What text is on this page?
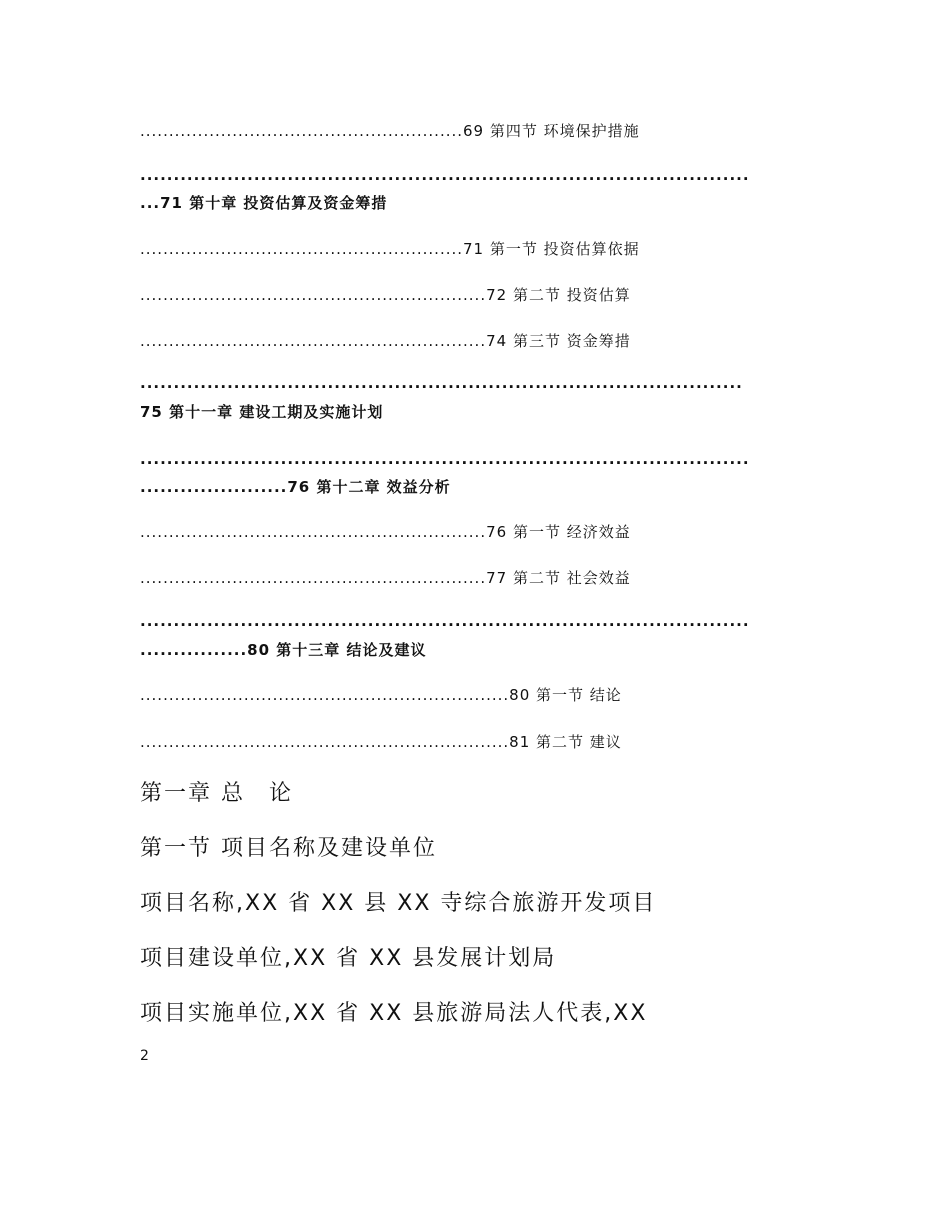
........................................................69 第四节 环境保护措施
...........................................................................................
...71 第十章 投资估算及资金筹措
........................................................71 第一节 投资估算依据
............................................................72 第二节 投资估算
............................................................74 第三节 资金筹措
..........................................................................................
75 第十一章 建设工期及实施计划
...........................................................................................
......................76 第十二章 效益分析
............................................................76 第一节 经济效益
............................................................77 第二节 社会效益
...........................................................................................
................80 第十三章 结论及建议
................................................................80 第一节 结论
................................................................81 第二节 建议
第一章 总　论
第一节 项目名称及建设单位
项目名称,XX 省 XX 县 XX 寺综合旅游开发项目
项目建设单位,XX 省 XX 县发展计划局
项目实施单位,XX 省 XX 县旅游局法人代表,XX
2
